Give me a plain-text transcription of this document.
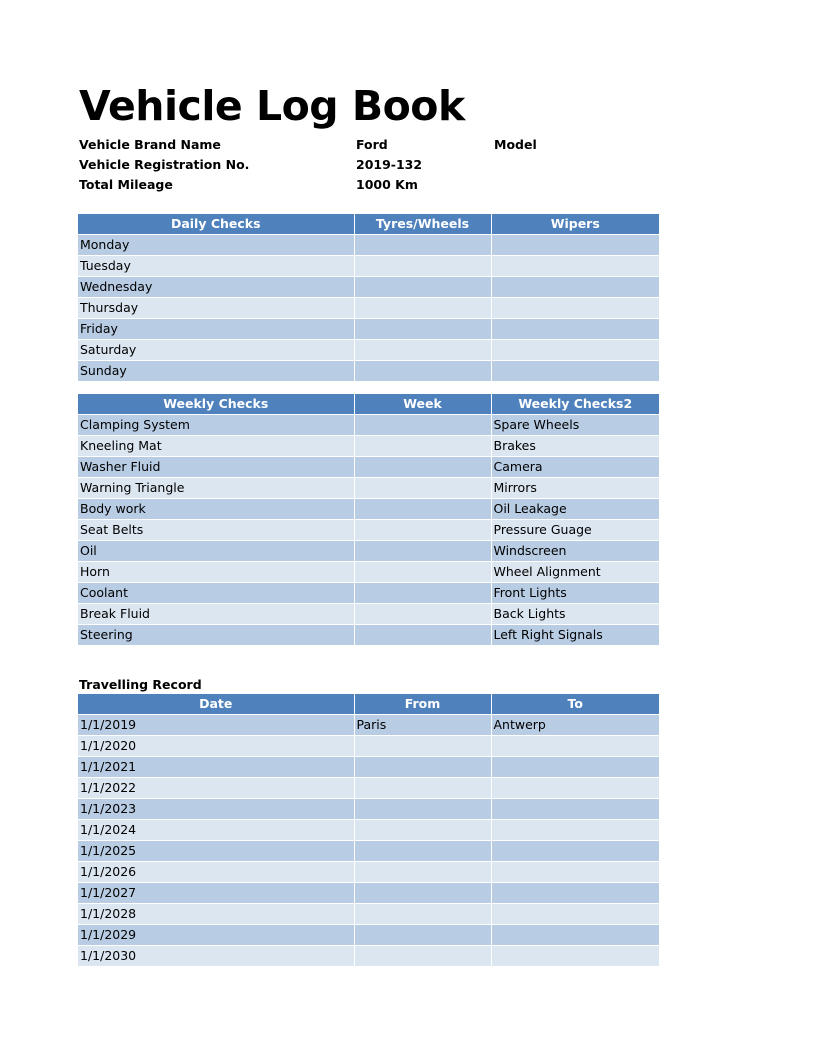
Vehicle Log Book
Vehicle Brand Name	Ford	Model
Vehicle Registration No.	2019-132
Total Mileage	1000 Km
Daily Checks	Tyres/Wheels	Wipers
Monday		
Tuesday		
Wednesday		
Thursday		
Friday		
Saturday		
Sunday		
Weekly Checks	Week	Weekly Checks2
Clamping System		Spare Wheels
Kneeling Mat		Brakes
Washer Fluid		Camera
Warning Triangle		Mirrors
Body work		Oil Leakage
Seat Belts		Pressure Guage
Oil		Windscreen
Horn		Wheel Alignment
Coolant		Front Lights
Break Fluid		Back Lights
Steering		Left Right Signals
Travelling Record
Date	From	To
1/1/2019	Paris	Antwerp
1/1/2020		
1/1/2021		
1/1/2022		
1/1/2023		
1/1/2024		
1/1/2025		
1/1/2026		
1/1/2027		
1/1/2028		
1/1/2029		
1/1/2030		
